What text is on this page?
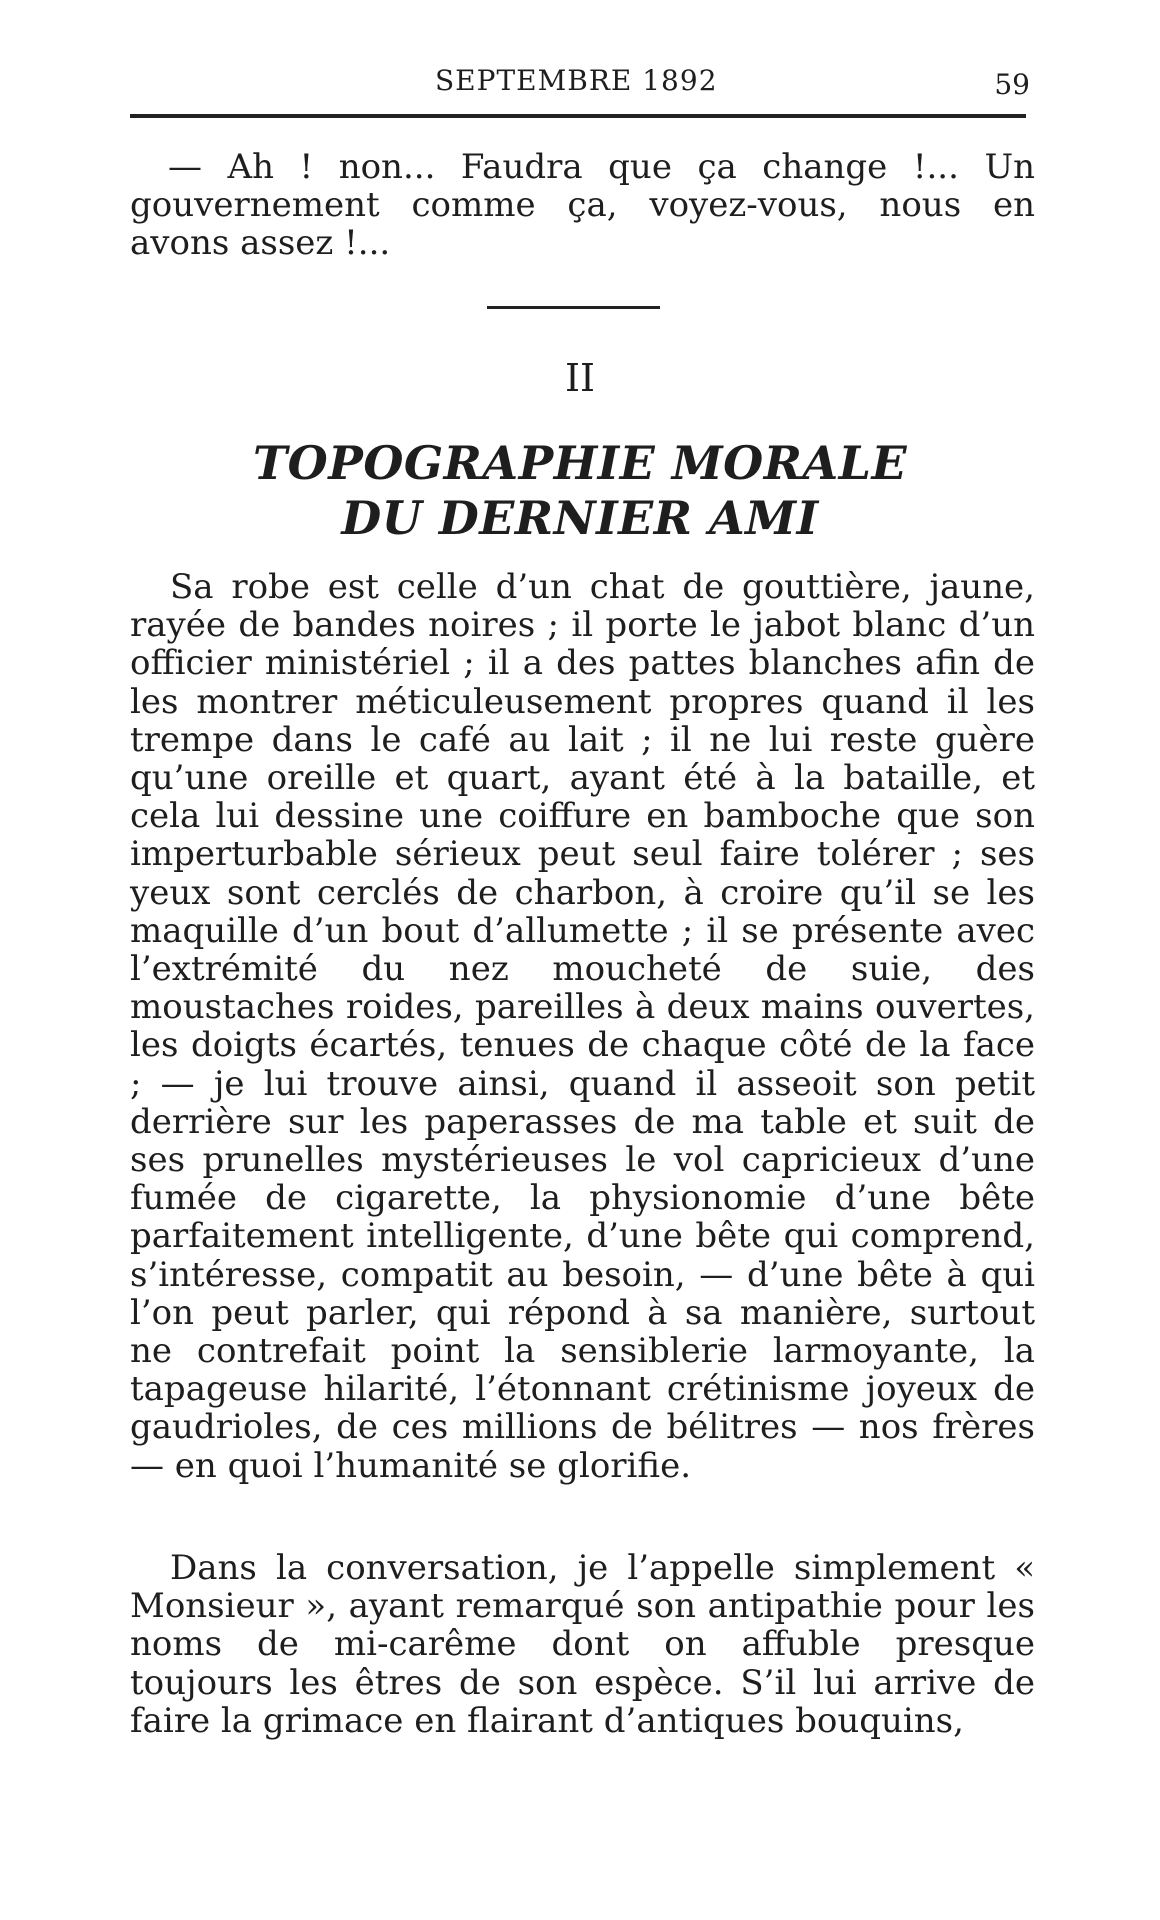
SEPTEMBRE 1892	59

— Ah ! non... Faudra que ça change !... Un gouvernement comme ça, voyez-vous, nous en avons assez !...

II
TOPOGRAPHIE MORALE
DU DERNIER AMI

Sa robe est celle d’un chat de gouttière, jaune, rayée de bandes noires ; il porte le jabot blanc d’un officier ministériel ; il a des pattes blanches afin de les montrer méticuleusement propres quand il les trempe dans le café au lait ; il ne lui reste guère qu’une oreille et quart, ayant été à la bataille, et cela lui dessine une coiffure en bamboche que son imperturbable sérieux peut seul faire tolérer ; ses yeux sont cerclés de charbon, à croire qu’il se les maquille d’un bout d’allumette ; il se présente avec l’extrémité du nez moucheté de suie, des moustaches roides, pareilles à deux mains ouvertes, les doigts écartés, tenues de chaque côté de la face ; — je lui trouve ainsi, quand il asseoit son petit derrière sur les paperasses de ma table et suit de ses prunelles mystérieuses le vol capricieux d’une fumée de cigarette, la physionomie d’une bête parfaitement intelligente, d’une bête qui comprend, s’intéresse, compatit au besoin, — d’une bête à qui l’on peut parler, qui répond à sa manière, surtout ne contrefait point la sensiblerie larmoyante, la tapageuse hilarité, l’étonnant crétinisme joyeux de gaudrioles, de ces millions de bélitres — nos frères — en quoi l’humanité se glorifie.

Dans la conversation, je l’appelle simplement « Monsieur », ayant remarqué son antipathie pour les noms de mi-carême dont on affuble presque toujours les êtres de son espèce. S’il lui arrive de faire la grimace en flairant d’antiques bouquins,
